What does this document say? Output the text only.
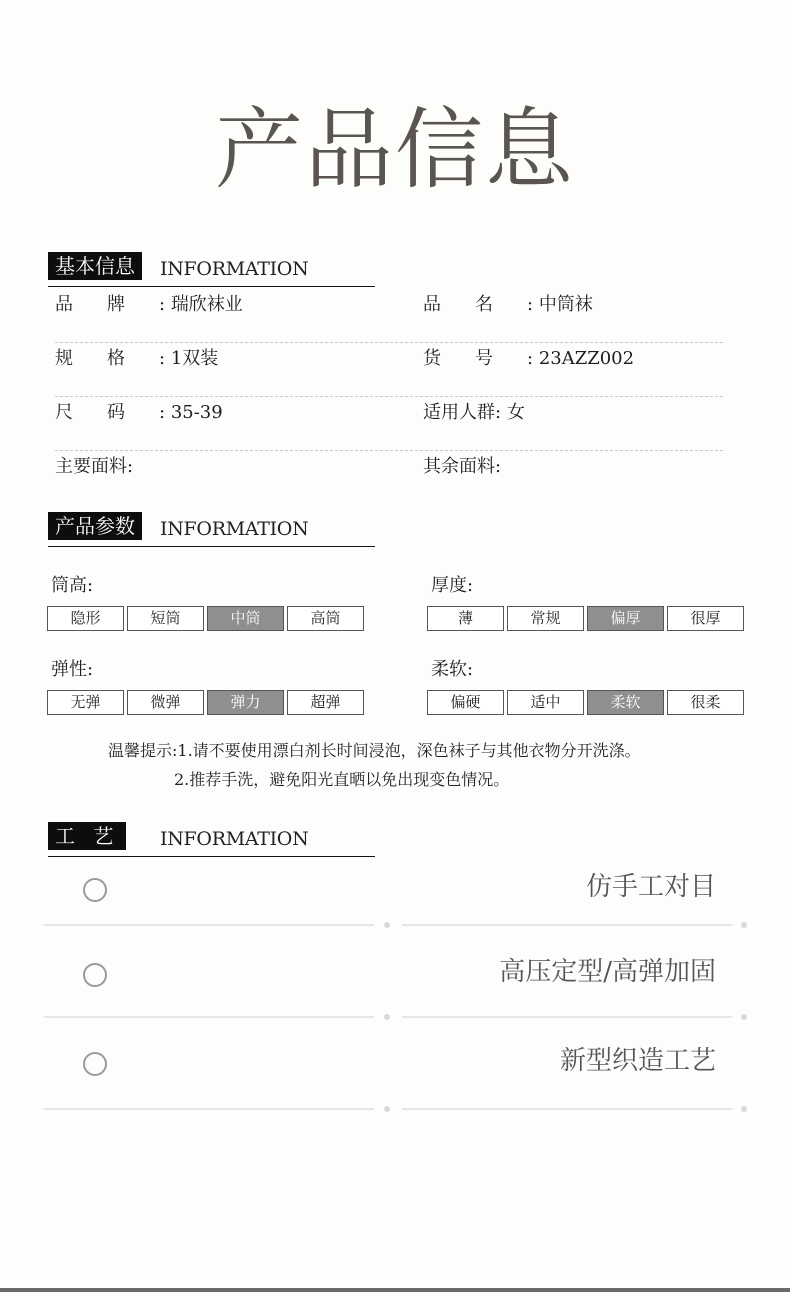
产品信息
基本信息	INFORMATION
品牌: 瑞欣袜业	品名: 中筒袜
规格: 1双装	货号: 23AZZ002
尺码: 35-39	适用人群: 女
主要面料:	其余面料:
产品参数	INFORMATION
筒高:
隐形	短筒	中筒	高筒
厚度:
薄	常规	偏厚	很厚
弹性:
无弹	微弹	弹力	超弹
柔软:
偏硬	适中	柔软	很柔
温馨提示:1.请不要使用漂白剂长时间浸泡，深色袜子与其他衣物分开洗涤。
2.推荐手洗，避免阳光直晒以免出现变色情况。
工 艺	INFORMATION
仿手工对目
高压定型/高弹加固
新型织造工艺
